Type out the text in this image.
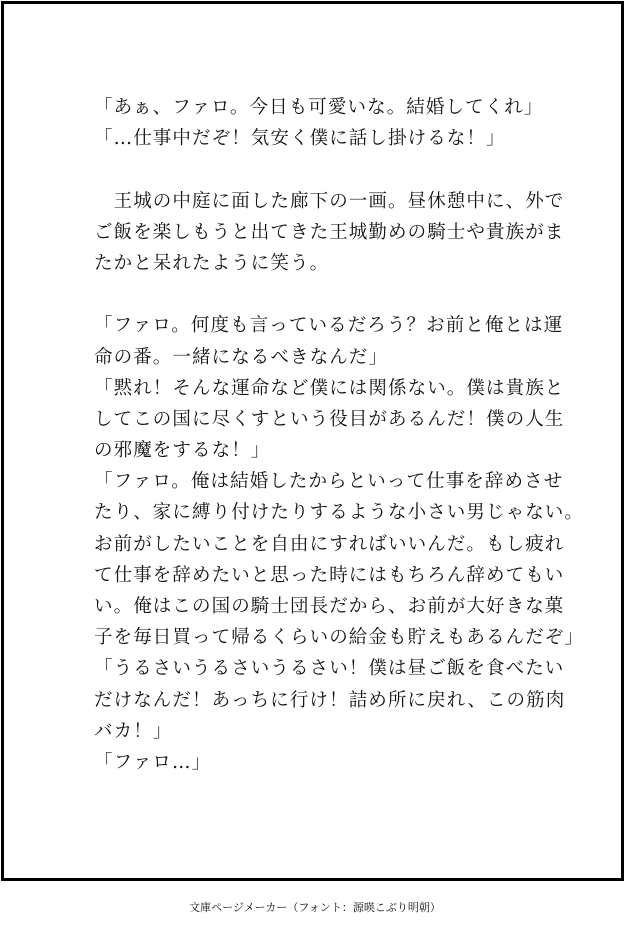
「あぁ、ファロ。今日も可愛いな。結婚してくれ」
「…仕事中だぞ！気安く僕に話し掛けるな！」
　王城の中庭に面した廊下の一画。昼休憩中に、外で
ご飯を楽しもうと出てきた王城勤めの騎士や貴族がま
たかと呆れたように笑う。
「ファロ。何度も言っているだろう？お前と俺とは運
命の番。一緒になるべきなんだ」
「黙れ！そんな運命など僕には関係ない。僕は貴族と
してこの国に尽くすという役目があるんだ！僕の人生
の邪魔をするな！」
「ファロ。俺は結婚したからといって仕事を辞めさせ
たり、家に縛り付けたりするような小さい男じゃない。
お前がしたいことを自由にすればいいんだ。もし疲れ
て仕事を辞めたいと思った時にはもちろん辞めてもい
い。俺はこの国の騎士団長だから、お前が大好きな菓
子を毎日買って帰るくらいの給金も貯えもあるんだぞ」
「うるさいうるさいうるさい！僕は昼ご飯を食べたい
だけなんだ！あっちに行け！詰め所に戻れ、この筋肉
バカ！」
「ファロ…」
文庫ページメーカー（フォント：源暎こぶり明朝）
